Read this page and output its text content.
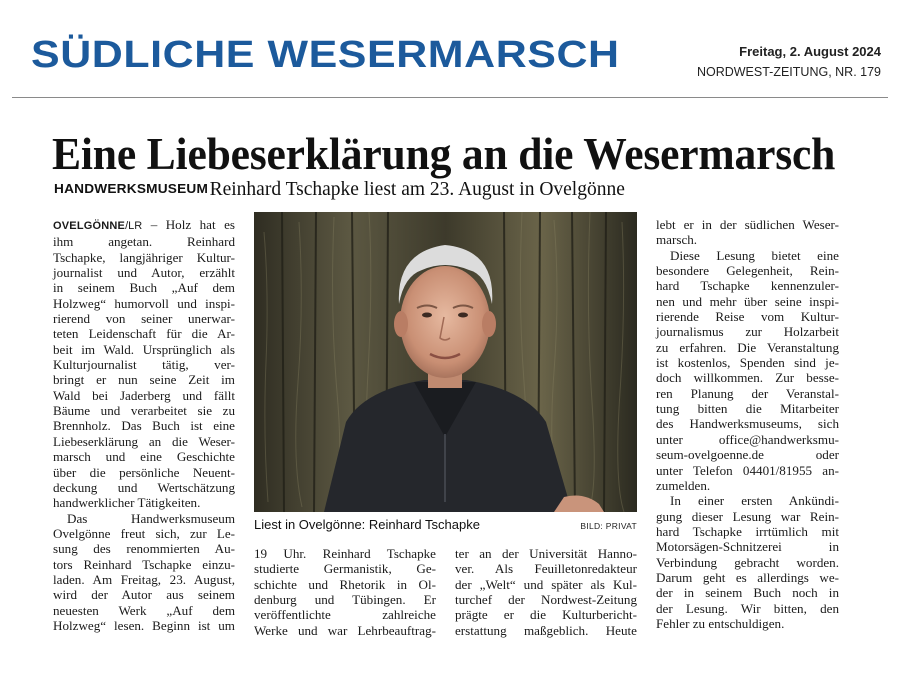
SÜDLICHE WESERMARSCH	Freitag, 2. August 2024
NORDWEST-ZEITUNG, NR. 179
Eine Liebeserklärung an die Wesermarsch
HANDWERKSMUSEUM Reinhard Tschapke liest am 23. August in Ovelgönne
OVELGÖNNE/LR – Holz hat es
ihm angetan. Reinhard
Tschapke, langjähriger Kultur-
journalist und Autor, erzählt
in seinem Buch „Auf dem
Holzweg“ humorvoll und inspi-
rierend von seiner unerwar-
teten Leidenschaft für die Ar-
beit im Wald. Ursprünglich als
Kulturjournalist tätig, ver-
bringt er nun seine Zeit im
Wald bei Jaderberg und fällt
Bäume und verarbeitet sie zu
Brennholz. Das Buch ist eine
Liebeserklärung an die Weser-
marsch und eine Geschichte
über die persönliche Neuent-
deckung und Wertschätzung
handwerklicher Tätigkeiten.
Das Handwerksmuseum
Ovelgönne freut sich, zur Le-
sung des renommierten Au-
tors Reinhard Tschapke einzu-
laden. Am Freitag, 23. August,
wird der Autor aus seinem
neuesten Werk „Auf dem
Holzweg“ lesen. Beginn ist um
Liest in Ovelgönne: Reinhard Tschapke	BILD: PRIVAT
19 Uhr. Reinhard Tschapke
studierte Germanistik, Ge-
schichte und Rhetorik in Ol-
denburg und Tübingen. Er
veröffentlichte zahlreiche
Werke und war Lehrbeauftrag-
ter an der Universität Hanno-
ver. Als Feuilletonredakteur
der „Welt“ und später als Kul-
turchef der Nordwest-Zeitung
prägte er die Kulturbericht-
erstattung maßgeblich. Heute
lebt er in der südlichen Weser-
marsch.
Diese Lesung bietet eine
besondere Gelegenheit, Rein-
hard Tschapke kennenzuler-
nen und mehr über seine inspi-
rierende Reise vom Kultur-
journalismus zur Holzarbeit
zu erfahren. Die Veranstaltung
ist kostenlos, Spenden sind je-
doch willkommen. Zur besse-
ren Planung der Veranstal-
tung bitten die Mitarbeiter
des Handwerksmuseums, sich
unter office@handwerksmu-
seum-ovelgoenne.de oder
unter Telefon 04401/81955 an-
zumelden.
In einer ersten Ankündi-
gung dieser Lesung war Rein-
hard Tschapke irrtümlich mit
Motorsägen-Schnitzerei in
Verbindung gebracht worden.
Darum geht es allerdings we-
der in seinem Buch noch in
der Lesung. Wir bitten, den
Fehler zu entschuldigen.
